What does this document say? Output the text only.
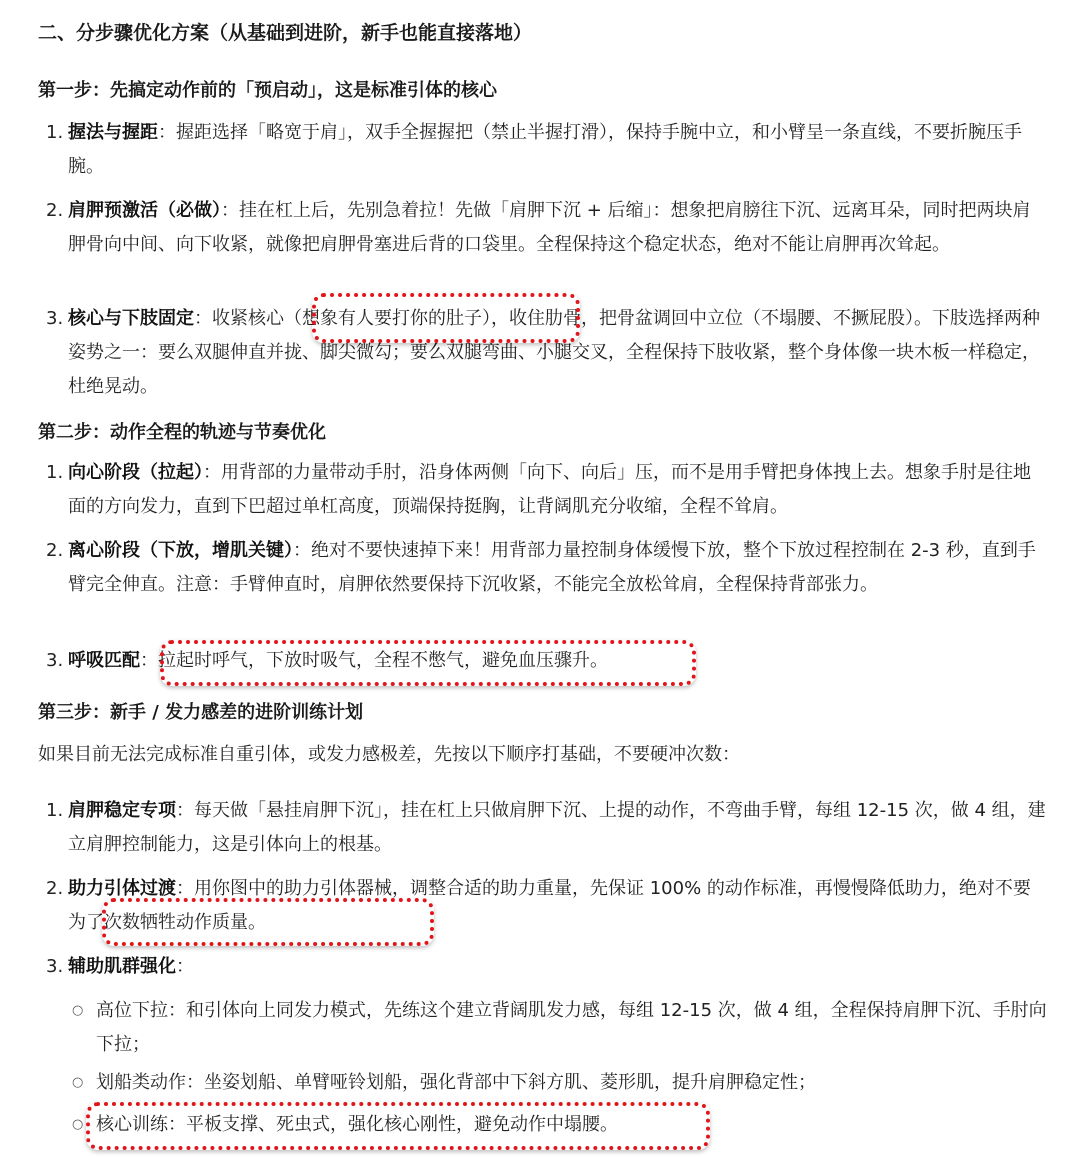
二、分步骤优化方案（从基础到进阶，新手也能直接落地）
第一步：先搞定动作前的「预启动」，这是标准引体的核心
1. 握法与握距：握距选择「略宽于肩」，双手全握握把（禁止半握打滑），保持手腕中立，和小臂呈一条直线，不要折腕压手腕。
2. 肩胛预激活（必做）：挂在杠上后，先别急着拉！先做「肩胛下沉 + 后缩」：想象把肩膀往下沉、远离耳朵，同时把两块肩胛骨向中间、向下收紧，就像把肩胛骨塞进后背的口袋里。全程保持这个稳定状态，绝对不能让肩胛再次耸起。
3. 核心与下肢固定：收紧核心（想象有人要打你的肚子），收住肋骨，把骨盆调回中立位（不塌腰、不撅屁股）。下肢选择两种姿势之一：要么双腿伸直并拢、脚尖微勾；要么双腿弯曲、小腿交叉，全程保持下肢收紧，整个身体像一块木板一样稳定，杜绝晃动。
第二步：动作全程的轨迹与节奏优化
1. 向心阶段（拉起）：用背部的力量带动手肘，沿身体两侧「向下、向后」压，而不是用手臂把身体拽上去。想象手肘是往地面的方向发力，直到下巴超过单杠高度，顶端保持挺胸，让背阔肌充分收缩，全程不耸肩。
2. 离心阶段（下放，增肌关键）：绝对不要快速掉下来！用背部力量控制身体缓慢下放，整个下放过程控制在 2-3 秒，直到手臂完全伸直。注意：手臂伸直时，肩胛依然要保持下沉收紧，不能完全放松耸肩，全程保持背部张力。
3. 呼吸匹配：拉起时呼气，下放时吸气，全程不憋气，避免血压骤升。
第三步：新手 / 发力感差的进阶训练计划
如果目前无法完成标准自重引体，或发力感极差，先按以下顺序打基础，不要硬冲次数：
1. 肩胛稳定专项：每天做「悬挂肩胛下沉」，挂在杠上只做肩胛下沉、上提的动作，不弯曲手臂，每组 12-15 次，做 4 组，建立肩胛控制能力，这是引体向上的根基。
2. 助力引体过渡：用你图中的助力引体器械，调整合适的助力重量，先保证 100% 的动作标准，再慢慢降低助力，绝对不要为了次数牺牲动作质量。
3. 辅助肌群强化：
○ 高位下拉：和引体向上同发力模式，先练这个建立背阔肌发力感，每组 12-15 次，做 4 组，全程保持肩胛下沉、手肘向下拉；
○ 划船类动作：坐姿划船、单臂哑铃划船，强化背部中下斜方肌、菱形肌，提升肩胛稳定性；
○ 核心训练：平板支撑、死虫式，强化核心刚性，避免动作中塌腰。
